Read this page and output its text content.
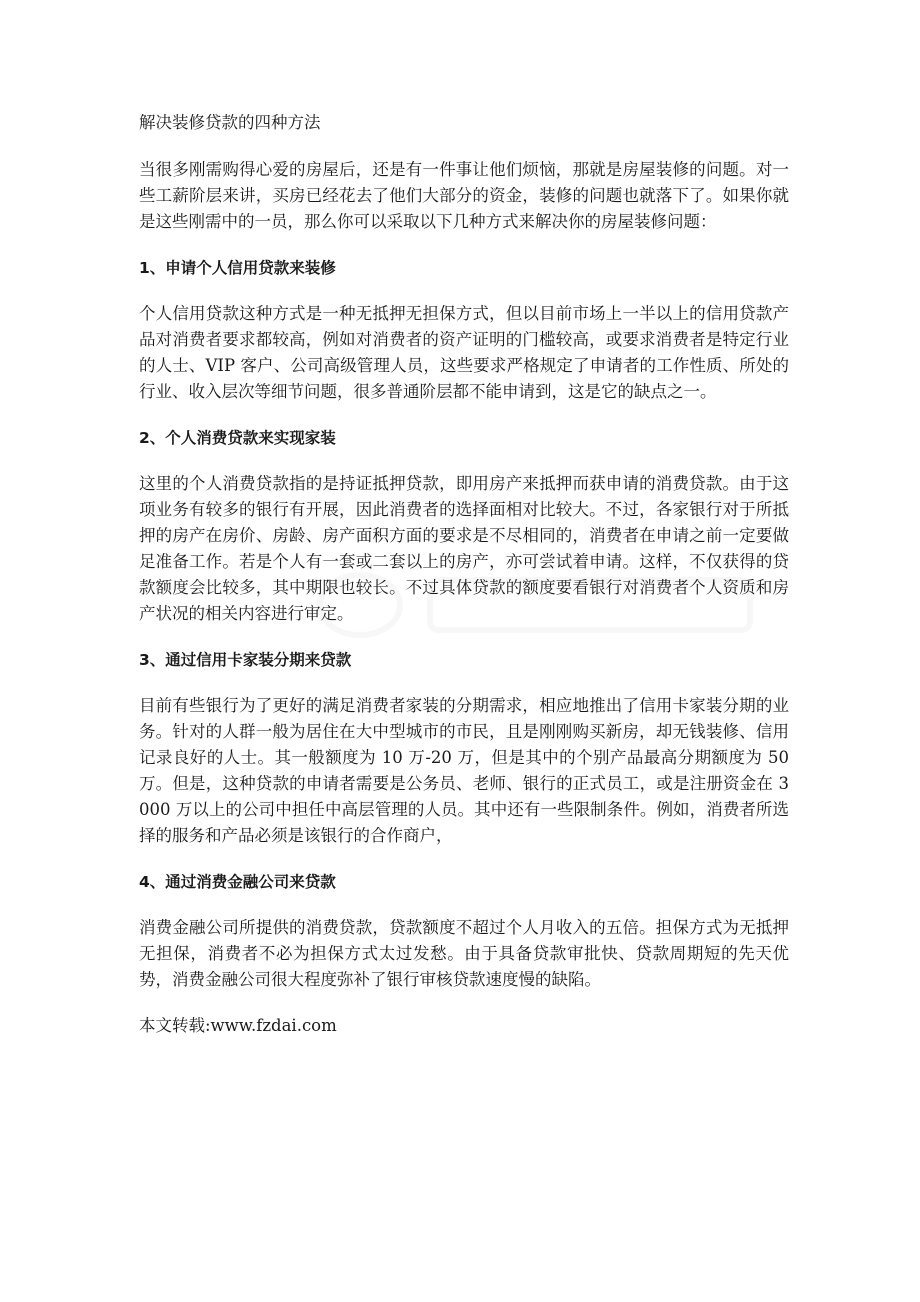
解决装修贷款的四种方法

当很多刚需购得心爱的房屋后，还是有一件事让他们烦恼，那就是房屋装修的问题。对一些工薪阶层来讲，买房已经花去了他们大部分的资金，装修的问题也就落下了。如果你就是这些刚需中的一员，那么你可以采取以下几种方式来解决你的房屋装修问题：

1、申请个人信用贷款来装修

个人信用贷款这种方式是一种无抵押无担保方式，但以目前市场上一半以上的信用贷款产品对消费者要求都较高，例如对消费者的资产证明的门槛较高，或要求消费者是特定行业的人士、VIP 客户、公司高级管理人员，这些要求严格规定了申请者的工作性质、所处的行业、收入层次等细节问题，很多普通阶层都不能申请到，这是它的缺点之一。

2、个人消费贷款来实现家装

这里的个人消费贷款指的是持证抵押贷款，即用房产来抵押而获申请的消费贷款。由于这项业务有较多的银行有开展，因此消费者的选择面相对比较大。不过，各家银行对于所抵押的房产在房价、房龄、房产面积方面的要求是不尽相同的，消费者在申请之前一定要做足准备工作。若是个人有一套或二套以上的房产，亦可尝试着申请。这样，不仅获得的贷款额度会比较多，其中期限也较长。不过具体贷款的额度要看银行对消费者个人资质和房产状况的相关内容进行审定。

3、通过信用卡家装分期来贷款

目前有些银行为了更好的满足消费者家装的分期需求，相应地推出了信用卡家装分期的业务。针对的人群一般为居住在大中型城市的市民，且是刚刚购买新房，却无钱装修、信用记录良好的人士。其一般额度为 10 万-20 万，但是其中的个别产品最高分期额度为 50 万。但是，这种贷款的申请者需要是公务员、老师、银行的正式员工，或是注册资金在 3000 万以上的公司中担任中高层管理的人员。其中还有一些限制条件。例如，消费者所选择的服务和产品必须是该银行的合作商户，

4、通过消费金融公司来贷款

消费金融公司所提供的消费贷款，贷款额度不超过个人月收入的五倍。担保方式为无抵押无担保，消费者不必为担保方式太过发愁。由于具备贷款审批快、贷款周期短的先天优势，消费金融公司很大程度弥补了银行审核贷款速度慢的缺陷。

本文转载:www.fzdai.com
